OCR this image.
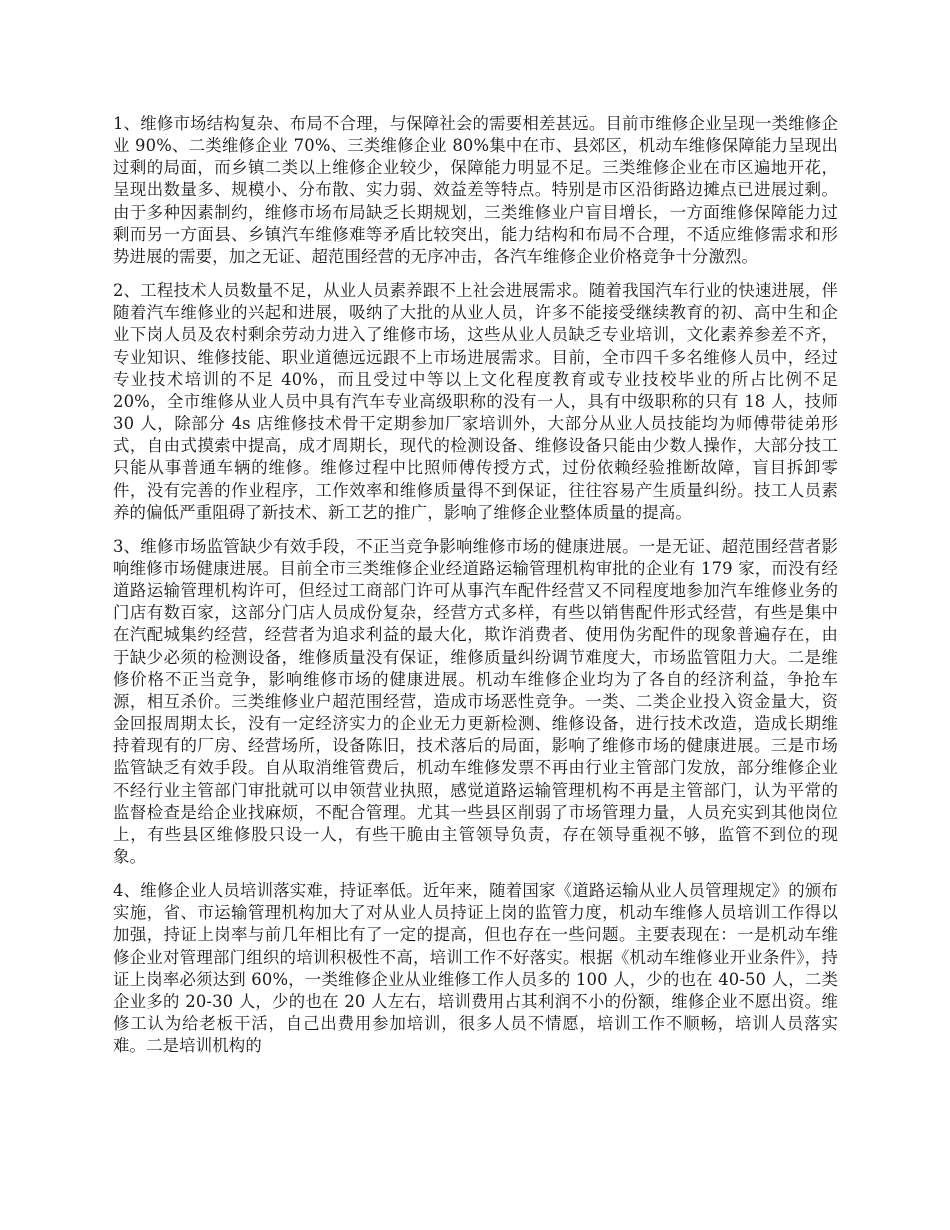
1、维修市场结构复杂、布局不合理，与保障社会的需要相差甚远。目前市维修企业呈现一类维修企业 90%、二类维修企业 70%、三类维修企业 80%集中在市、县郊区，机动车维修保障能力呈现出过剩的局面，而乡镇二类以上维修企业较少，保障能力明显不足。三类维修企业在市区遍地开花，呈现出数量多、规模小、分布散、实力弱、效益差等特点。特别是市区沿街路边摊点已进展过剩。由于多种因素制约，维修市场布局缺乏长期规划，三类维修业户盲目增长，一方面维修保障能力过剩而另一方面县、乡镇汽车维修难等矛盾比较突出，能力结构和布局不合理，不适应维修需求和形势进展的需要，加之无证、超范围经营的无序冲击，各汽车维修企业价格竞争十分激烈。

2、工程技术人员数量不足，从业人员素养跟不上社会进展需求。随着我国汽车行业的快速进展，伴随着汽车维修业的兴起和进展，吸纳了大批的从业人员，许多不能接受继续教育的初、高中生和企业下岗人员及农村剩余劳动力进入了维修市场，这些从业人员缺乏专业培训，文化素养参差不齐，专业知识、维修技能、职业道德远远跟不上市场进展需求。目前，全市四千多名维修人员中，经过专业技术培训的不足 40%，而且受过中等以上文化程度教育或专业技校毕业的所占比例不足 20%，全市维修从业人员中具有汽车专业高级职称的没有一人，具有中级职称的只有 18 人，技师 30 人，除部分 4s 店维修技术骨干定期参加厂家培训外，大部分从业人员技能均为师傅带徒弟形式，自由式摸索中提高，成才周期长，现代的检测设备、维修设备只能由少数人操作，大部分技工只能从事普通车辆的维修。维修过程中比照师傅传授方式，过份依赖经验推断故障，盲目拆卸零件，没有完善的作业程序，工作效率和维修质量得不到保证，往往容易产生质量纠纷。技工人员素养的偏低严重阻碍了新技术、新工艺的推广，影响了维修企业整体质量的提高。

3、维修市场监管缺少有效手段，不正当竞争影响维修市场的健康进展。一是无证、超范围经营者影响维修市场健康进展。目前全市三类维修企业经道路运输管理机构审批的企业有 179 家，而没有经道路运输管理机构许可，但经过工商部门许可从事汽车配件经营又不同程度地参加汽车维修业务的门店有数百家，这部分门店人员成份复杂，经营方式多样，有些以销售配件形式经营，有些是集中在汽配城集约经营，经营者为追求利益的最大化，欺诈消费者、使用伪劣配件的现象普遍存在，由于缺少必须的检测设备，维修质量没有保证，维修质量纠纷调节难度大，市场监管阻力大。二是维修价格不正当竞争，影响维修市场的健康进展。机动车维修企业均为了各自的经济利益，争抢车源，相互杀价。三类维修业户超范围经营，造成市场恶性竞争。一类、二类企业投入资金量大，资金回报周期太长，没有一定经济实力的企业无力更新检测、维修设备，进行技术改造，造成长期维持着现有的厂房、经营场所，设备陈旧，技术落后的局面，影响了维修市场的健康进展。三是市场监管缺乏有效手段。自从取消维管费后，机动车维修发票不再由行业主管部门发放，部分维修企业不经行业主管部门审批就可以申领营业执照，感觉道路运输管理机构不再是主管部门，认为平常的监督检查是给企业找麻烦，不配合管理。尤其一些县区削弱了市场管理力量，人员充实到其他岗位上，有些县区维修股只设一人，有些干脆由主管领导负责，存在领导重视不够，监管不到位的现象。

4、维修企业人员培训落实难，持证率低。近年来，随着国家《道路运输从业人员管理规定》的颁布实施，省、市运输管理机构加大了对从业人员持证上岗的监管力度，机动车维修人员培训工作得以加强，持证上岗率与前几年相比有了一定的提高，但也存在一些问题。主要表现在：一是机动车维修企业对管理部门组织的培训积极性不高，培训工作不好落实。根据《机动车维修业开业条件》，持证上岗率必须达到 60%，一类维修企业从业维修工作人员多的 100 人，少的也在 40-50 人，二类企业多的 20-30 人，少的也在 20 人左右，培训费用占其利润不小的份额，维修企业不愿出资。维修工认为给老板干活，自己出费用参加培训，很多人员不情愿，培训工作不顺畅，培训人员落实难。二是培训机构的
